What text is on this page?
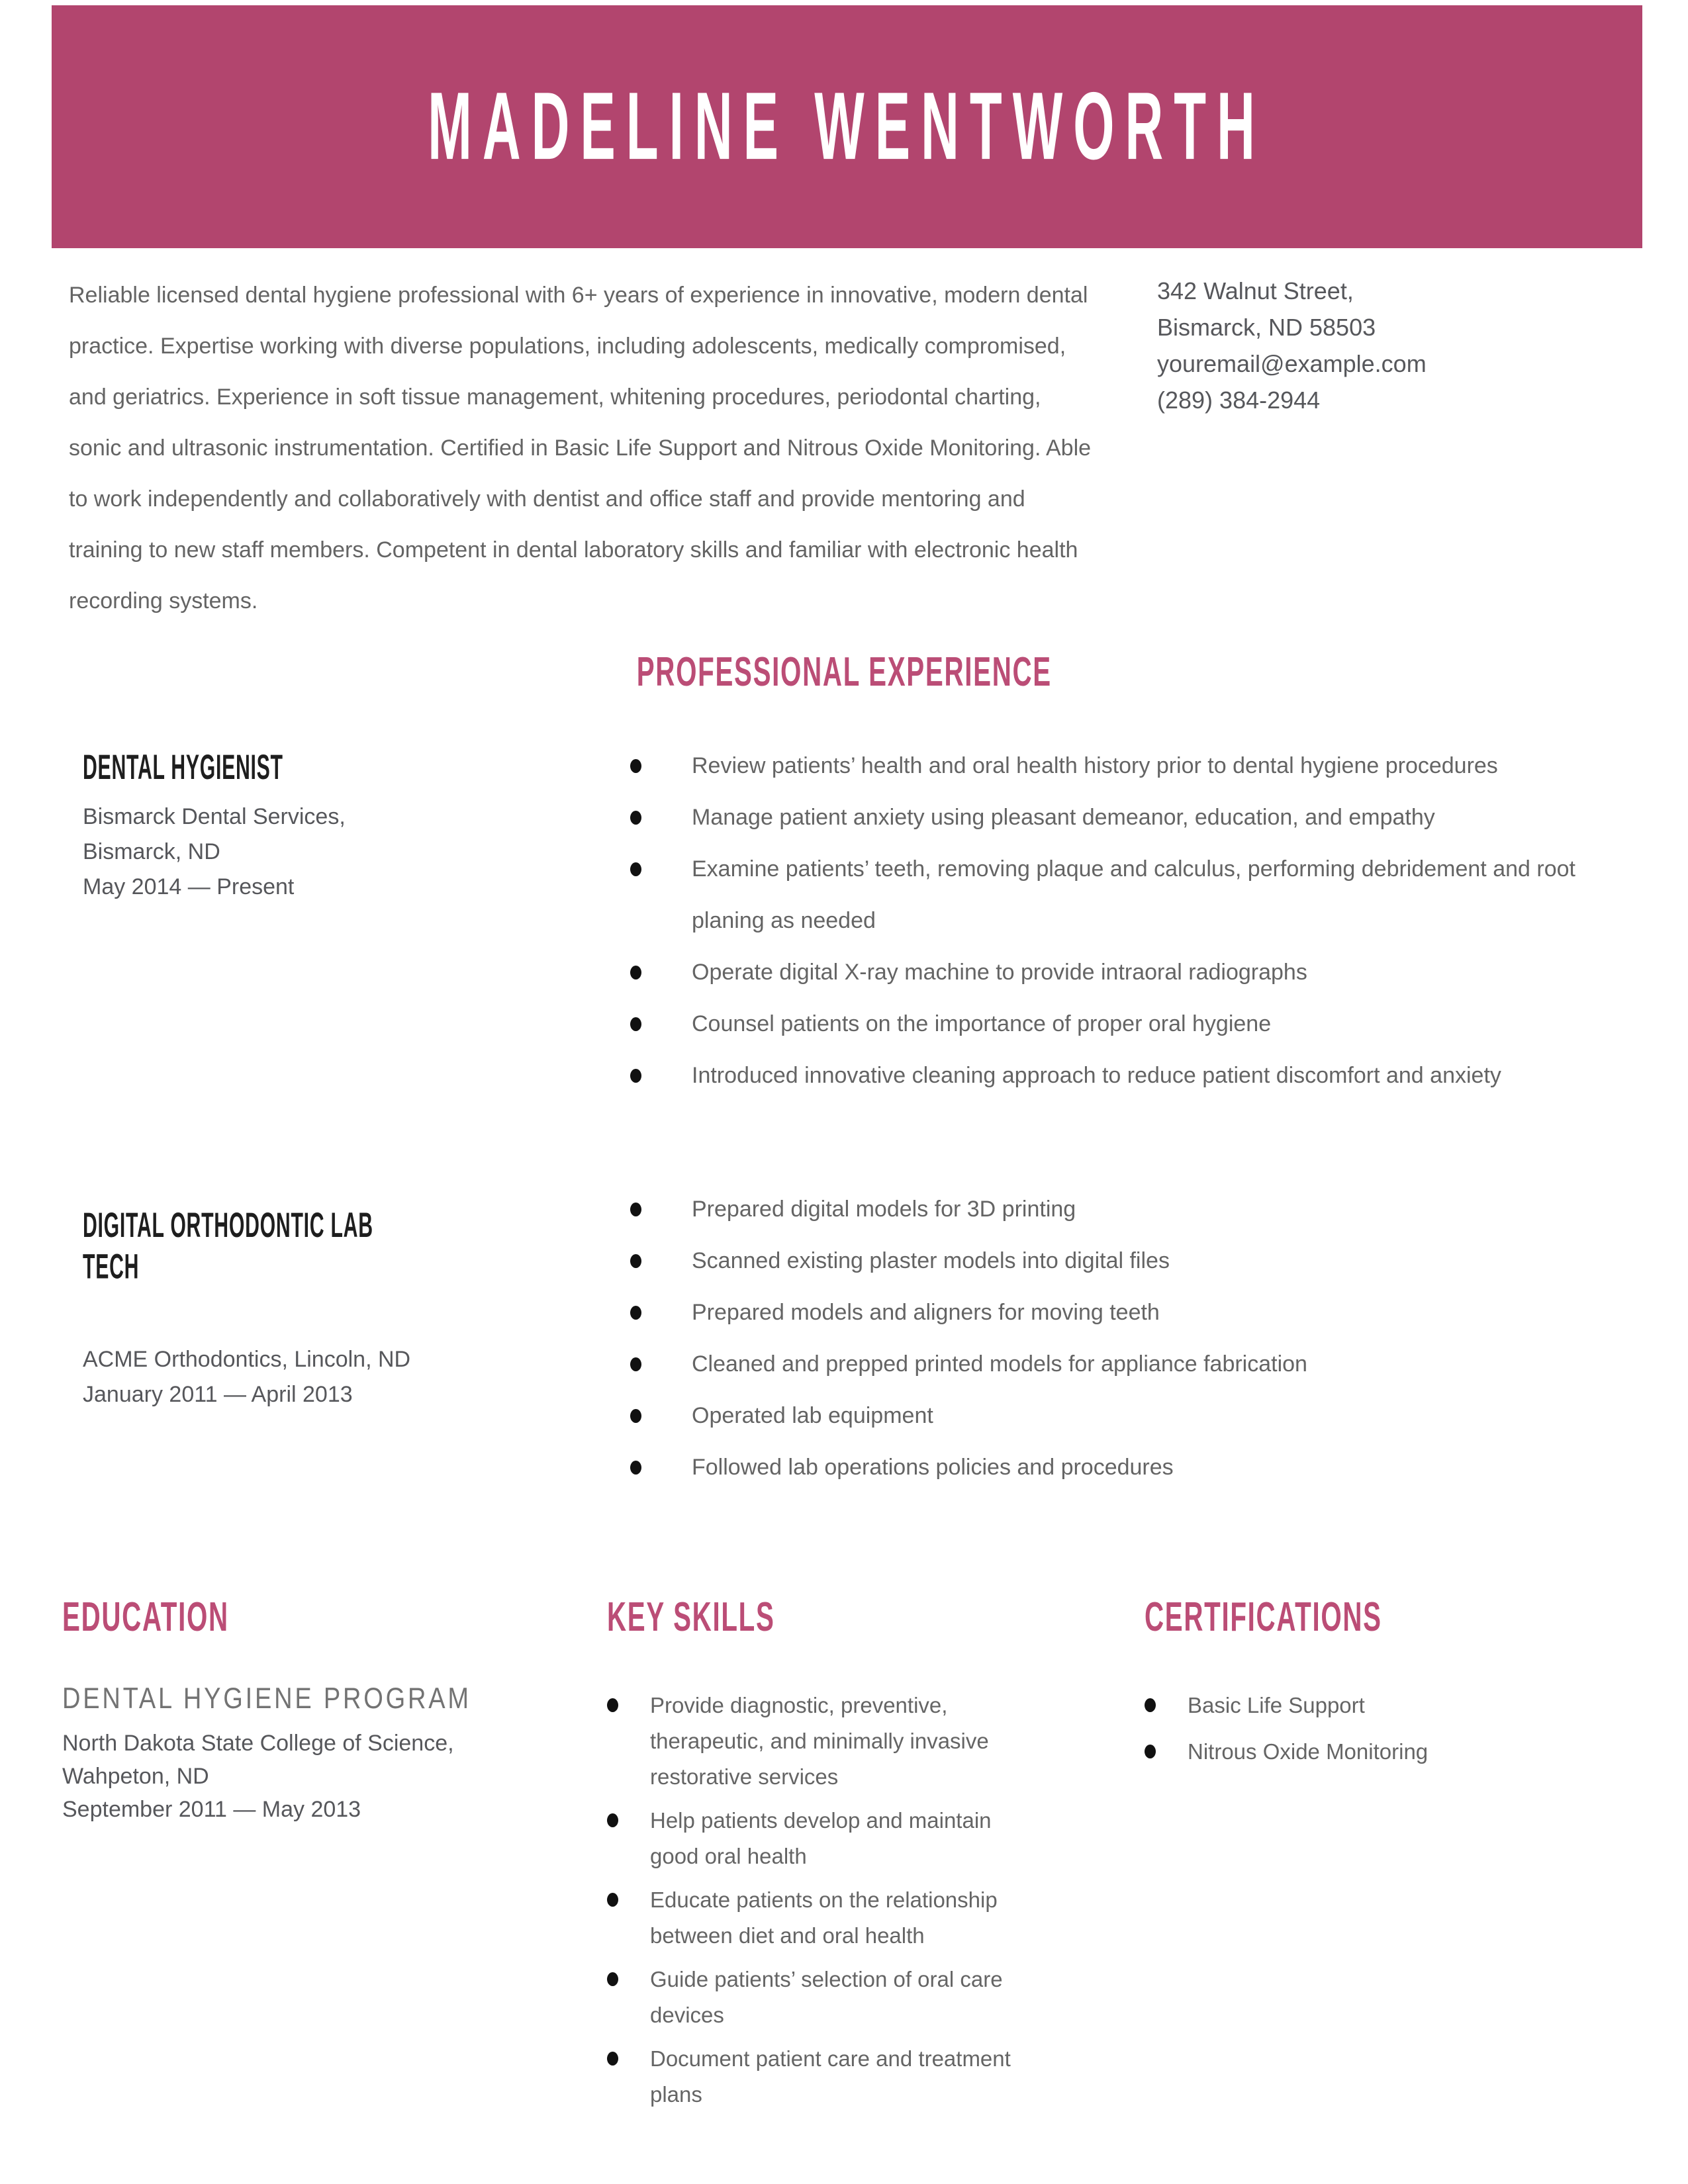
MADELINE WENTWORTH

Reliable licensed dental hygiene professional with 6+ years of experience in innovative, modern dental practice. Expertise working with diverse populations, including adolescents, medically compromised, and geriatrics. Experience in soft tissue management, whitening procedures, periodontal charting, sonic and ultrasonic instrumentation. Certified in Basic Life Support and Nitrous Oxide Monitoring. Able to work independently and collaboratively with dentist and office staff and provide mentoring and training to new staff members. Competent in dental laboratory skills and familiar with electronic health recording systems.

342 Walnut Street,
Bismarck, ND 58503
youremail@example.com
(289) 384-2944
PROFESSIONAL EXPERIENCE
DENTAL HYGIENIST
Bismarck Dental Services,
Bismarck, ND
May 2014 — Present
Review patients’ health and oral health history prior to dental hygiene procedures
Manage patient anxiety using pleasant demeanor, education, and empathy
Examine patients’ teeth, removing plaque and calculus, performing debridement and root planing as needed
Operate digital X-ray machine to provide intraoral radiographs
Counsel patients on the importance of proper oral hygiene
Introduced innovative cleaning approach to reduce patient discomfort and anxiety
DIGITAL ORTHODONTIC LAB TECH
ACME Orthodontics, Lincoln, ND
January 2011 — April 2013
Prepared digital models for 3D printing
Scanned existing plaster models into digital files
Prepared models and aligners for moving teeth
Cleaned and prepped printed models for appliance fabrication
Operated lab equipment
Followed lab operations policies and procedures
EDUCATION
DENTAL HYGIENE PROGRAM
North Dakota State College of Science,
Wahpeton, ND
September 2011 — May 2013
KEY SKILLS
Provide diagnostic, preventive, therapeutic, and minimally invasive restorative services
Help patients develop and maintain good oral health
Educate patients on the relationship between diet and oral health
Guide patients’ selection of oral care devices
Document patient care and treatment plans
CERTIFICATIONS
Basic Life Support
Nitrous Oxide Monitoring
